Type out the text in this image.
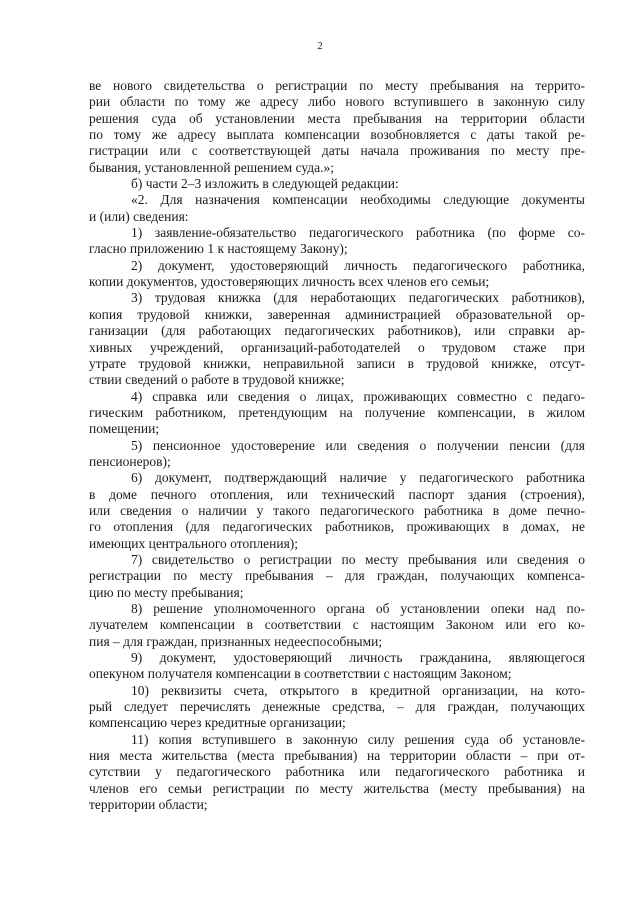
2
ве нового свидетельства о регистрации по месту пребывания на террито-
рии области по тому же адресу либо нового вступившего в законную силу
решения суда об установлении места пребывания на территории области
по тому же адресу выплата компенсации возобновляется с даты такой ре-
гистрации или с соответствующей даты начала проживания по месту пре-
бывания, установленной решением суда.»;
б) части 2–3 изложить в следующей редакции:
«2. Для назначения компенсации необходимы следующие документы
и (или) сведения:
1) заявление-обязательство педагогического работника (по форме со-
гласно приложению 1 к настоящему Закону);
2) документ, удостоверяющий личность педагогического работника,
копии документов, удостоверяющих личность всех членов его семьи;
3) трудовая книжка (для неработающих педагогических работников),
копия трудовой книжки, заверенная администрацией образовательной ор-
ганизации (для работающих педагогических работников), или справки ар-
хивных учреждений, организаций-работодателей о трудовом стаже при
утрате трудовой книжки, неправильной записи в трудовой книжке, отсут-
ствии сведений о работе в трудовой книжке;
4) справка или сведения о лицах, проживающих совместно с педаго-
гическим работником, претендующим на получение компенсации, в жилом
помещении;
5) пенсионное удостоверение или сведения о получении пенсии (для
пенсионеров);
6) документ, подтверждающий наличие у педагогического работника
в доме печного отопления, или технический паспорт здания (строения),
или сведения о наличии у такого педагогического работника в доме печно-
го отопления (для педагогических работников, проживающих в домах, не
имеющих центрального отопления);
7) свидетельство о регистрации по месту пребывания или сведения о
регистрации по месту пребывания – для граждан, получающих компенса-
цию по месту пребывания;
8) решение уполномоченного органа об установлении опеки над по-
лучателем компенсации в соответствии с настоящим Законом или его ко-
пия – для граждан, признанных недееспособными;
9) документ, удостоверяющий личность гражданина, являющегося
опекуном получателя компенсации в соответствии с настоящим Законом;
10) реквизиты счета, открытого в кредитной организации, на кото-
рый следует перечислять денежные средства, – для граждан, получающих
компенсацию через кредитные организации;
11) копия вступившего в законную силу решения суда об установле-
ния места жительства (места пребывания) на территории области – при от-
сутствии у педагогического работника или педагогического работника и
членов его семьи регистрации по месту жительства (месту пребывания) на
территории области;
